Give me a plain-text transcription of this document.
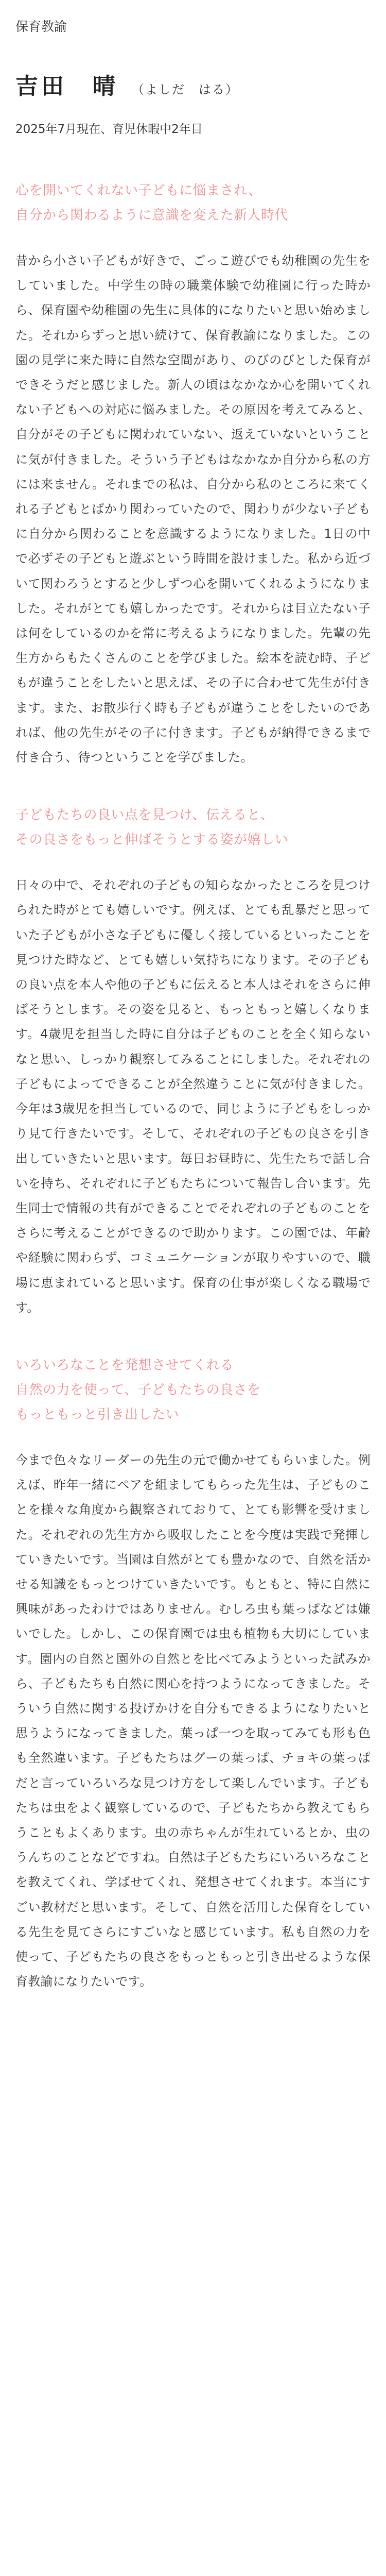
保育教諭

吉田　晴 （よしだ　はる）

2025年7月現在、育児休暇中2年目

心を開いてくれない子どもに悩まされ、
自分から関わるように意識を変えた新人時代

昔から小さい子どもが好きで、ごっこ遊びでも幼稚園の先生をしていました。中学生の時の職業体験で幼稚園に行った時から、保育園や幼稚園の先生に具体的になりたいと思い始めました。それからずっと思い続けて、保育教諭になりました。この園の見学に来た時に自然な空間があり、のびのびとした保育ができそうだと感じました。新人の頃はなかなか心を開いてくれない子どもへの対応に悩みました。その原因を考えてみると、自分がその子どもに関われていない、返えていないということに気が付きました。そういう子どもはなかなか自分から私の方には来ません。それまでの私は、自分から私のところに来てくれる子どもとばかり関わっていたので、関わりが少ない子どもに自分から関わることを意識するようになりました。1日の中で必ずその子どもと遊ぶという時間を設けました。私から近づいて関わろうとすると少しずつ心を開いてくれるようになりました。それがとても嬉しかったです。それからは目立たない子は何をしているのかを常に考えるようになりました。先輩の先生方からもたくさんのことを学びました。絵本を読む時、子どもが違うことをしたいと思えば、その子に合わせて先生が付きます。また、お散歩行く時も子どもが違うことをしたいのであれば、他の先生がその子に付きます。子どもが納得できるまで付き合う、待つということを学びました。

子どもたちの良い点を見つけ、伝えると、
その良さをもっと伸ばそうとする姿が嬉しい

日々の中で、それぞれの子どもの知らなかったところを見つけられた時がとても嬉しいです。例えば、とても乱暴だと思っていた子どもが小さな子どもに優しく接しているといったことを見つけた時など、とても嬉しい気持ちになります。その子どもの良い点を本人や他の子どもに伝えると本人はそれをさらに伸ばそうとします。その姿を見ると、もっともっと嬉しくなります。4歳児を担当した時に自分は子どものことを全く知らないなと思い、しっかり観察してみることにしました。それぞれの子どもによってできることが全然違うことに気が付きました。今年は3歳児を担当しているので、同じように子どもをしっかり見て行きたいです。そして、それぞれの子どもの良さを引き出していきたいと思います。毎日お昼時に、先生たちで話し合いを持ち、それぞれに子どもたちについて報告し合います。先生同士で情報の共有ができることでそれぞれの子どものことをさらに考えることができるので助かります。この園では、年齢や経験に関わらず、コミュニケーションが取りやすいので、職場に恵まれていると思います。保育の仕事が楽しくなる職場です。

いろいろなことを発想させてくれる
自然の力を使って、子どもたちの良さを
もっともっと引き出したい

今まで色々なリーダーの先生の元で働かせてもらいました。例えば、昨年一緒にペアを組ましてもらった先生は、子どものことを様々な角度から観察されておりて、とても影響を受けました。それぞれの先生方から吸収したことを今度は実践で発揮していきたいです。当園は自然がとても豊かなので、自然を活かせる知識をもっとつけていきたいです。もともと、特に自然に興味があったわけではありません。むしろ虫も葉っぱなどは嫌いでした。しかし、この保育園では虫も植物も大切にしています。園内の自然と園外の自然とを比べてみようといった試みから、子どもたちも自然に関心を持つようになってきました。そういう自然に関する投げかけを自分もできるようになりたいと思うようになってきました。葉っぱ一つを取ってみても形も色も全然違います。子どもたちはグーの葉っぱ、チョキの葉っぱだと言っていろいろな見つけ方をして楽しんでいます。子どもたちは虫をよく観察しているので、子どもたちから教えてもらうこともよくあります。虫の赤ちゃんが生れているとか、虫のうんちのことなどですね。自然は子どもたちにいろいろなことを教えてくれ、学ばせてくれ、発想させてくれます。本当にすごい教材だと思います。そして、自然を活用した保育をしている先生を見てさらにすごいなと感じています。私も自然の力を使って、子どもたちの良さをもっともっと引き出せるような保育教諭になりたいです。
